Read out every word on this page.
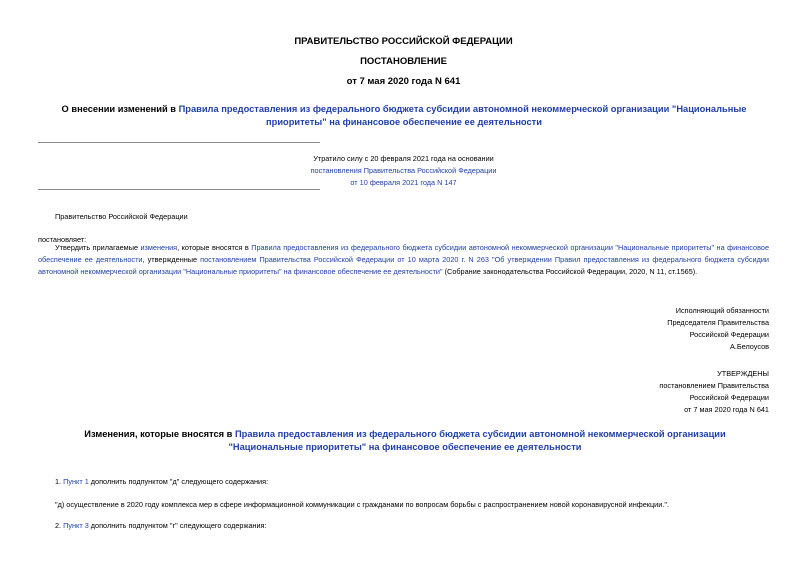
ПРАВИТЕЛЬСТВО РОССИЙСКОЙ ФЕДЕРАЦИИ
ПОСТАНОВЛЕНИЕ
от 7 мая 2020 года N 641
О внесении изменений в Правила предоставления из федерального бюджета субсидии автономной некоммерческой организации "Национальные приоритеты" на финансовое обеспечение ее деятельности
Утратило силу с 20 февраля 2021 года на основании
постановления Правительства Российской Федерации
от 10 февраля 2021 года N 147
Правительство Российской Федерации
постановляет:
Утвердить прилагаемые изменения, которые вносятся в Правила предоставления из федерального бюджета субсидии автономной некоммерческой организации "Национальные приоритеты" на финансовое обеспечение ее деятельности, утвержденные постановлением Правительства Российской Федерации от 10 марта 2020 г. N 263 "Об утверждении Правил предоставления из федерального бюджета субсидии автономной некоммерческой организации "Национальные приоритеты" на финансовое обеспечение ее деятельности" (Собрание законодательства Российской Федерации, 2020, N 11, ст.1565).
Исполняющий обязанности
Председателя Правительства
Российской Федерации
А.Белоусов
УТВЕРЖДЕНЫ
постановлением Правительства
Российской Федерации
от 7 мая 2020 года N 641
Изменения, которые вносятся в Правила предоставления из федерального бюджета субсидии автономной некоммерческой организации "Национальные приоритеты" на финансовое обеспечение ее деятельности
1. Пункт 1 дополнить подпунктом "д" следующего содержания:
"д) осуществление в 2020 году комплекса мер в сфере информационной коммуникации с гражданами по вопросам борьбы с распространением новой коронавирусной инфекции.".
2. Пункт 3 дополнить подпунктом "г" следующего содержания:
